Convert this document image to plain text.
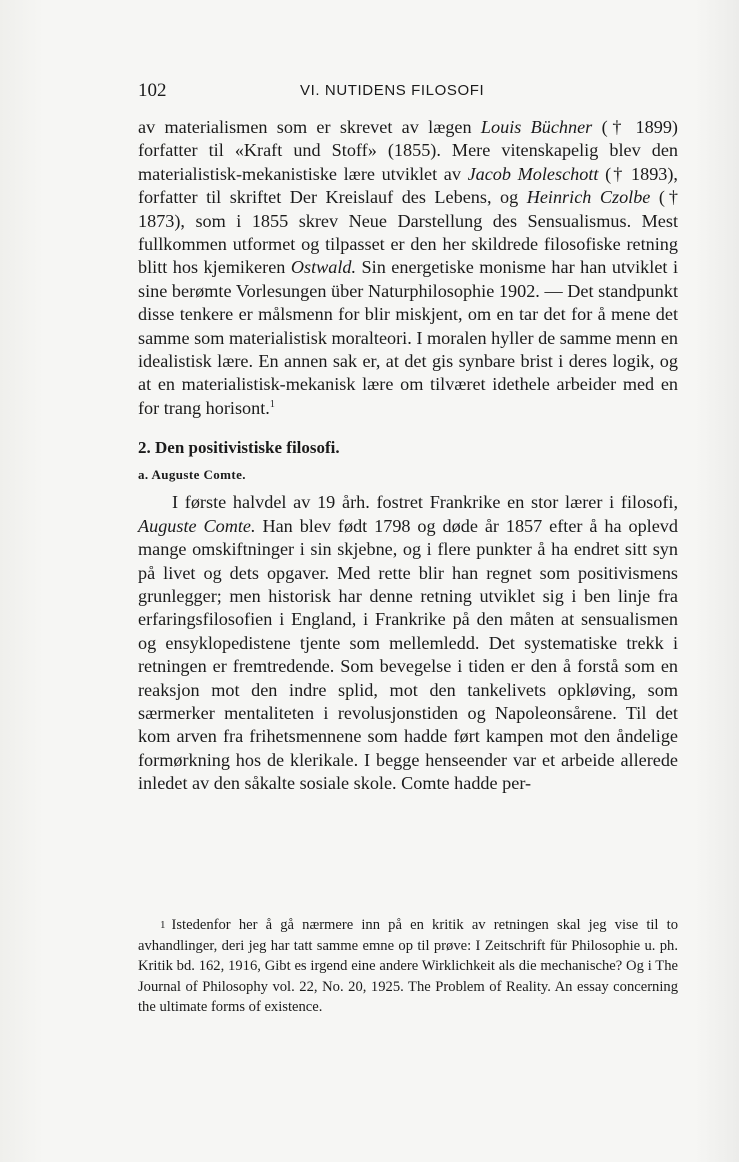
102	VI. NUTIDENS FILOSOFI

av materialismen som er skrevet av lægen Louis Büchner († 1899) forfatter til «Kraft und Stoff» (1855). Mere vitenskapelig blev den materialistisk-mekanistiske lære utviklet av Jacob Moleschott († 1893), forfatter til skriftet Der Kreislauf des Lebens, og Heinrich Czolbe († 1873), som i 1855 skrev Neue Darstellung des Sensualismus. Mest fullkommen utformet og tilpasset er den her skildrede filosofiske retning blitt hos kjemikeren Ostwald. Sin energetiske monisme har han utviklet i sine berømte Vorlesungen über Naturphilosophie 1902. — Det standpunkt disse tenkere er målsmenn for blir miskjent, om en tar det for å mene det samme som materialistisk moralteori. I moralen hyller de samme menn en idealistisk lære. En annen sak er, at det gis synbare brist i deres logik, og at en materialistisk-mekanisk lære om tilværet idethele arbeider med en for trang horisont.$^1$

2. Den positivistiske filosofi.
a. Auguste Comte.

I første halvdel av 19 årh. fostret Frankrike en stor lærer i filosofi, Auguste Comte. Han blev født 1798 og døde år 1857 efter å ha oplevd mange omskiftninger i sin skjebne, og i flere punkter å ha endret sitt syn på livet og dets opgaver. Med rette blir han regnet som positivismens grunlegger; men historisk har denne retning utviklet sig i ben linje fra erfaringsfilosofien i England, i Frankrike på den måten at sensualismen og ensyklopedistene tjente som mellemledd. Det systematiske trekk i retningen er fremtredende. Som bevegelse i tiden er den å forstå som en reaksjon mot den indre splid, mot den tankelivets opkløving, som særmerker mentaliteten i revolusjonstiden og Napoleonsårene. Til det kom arven fra frihetsmennene som hadde ført kampen mot den åndelige formørkning hos de klerikale. I begge henseender var et arbeide allerede inledet av den såkalte sosiale skole. Comte hadde per-

$^1$ Istedenfor her å gå nærmere inn på en kritik av retningen skal jeg vise til to avhandlinger, deri jeg har tatt samme emne op til prøve: I Zeitschrift für Philosophie u. ph. Kritik bd. 162, 1916, Gibt es irgend eine andere Wirklichkeit als die mechanische? Og i The Journal of Philosophy vol. 22, No. 20, 1925. The Problem of Reality. An essay concerning the ultimate forms of existence.
